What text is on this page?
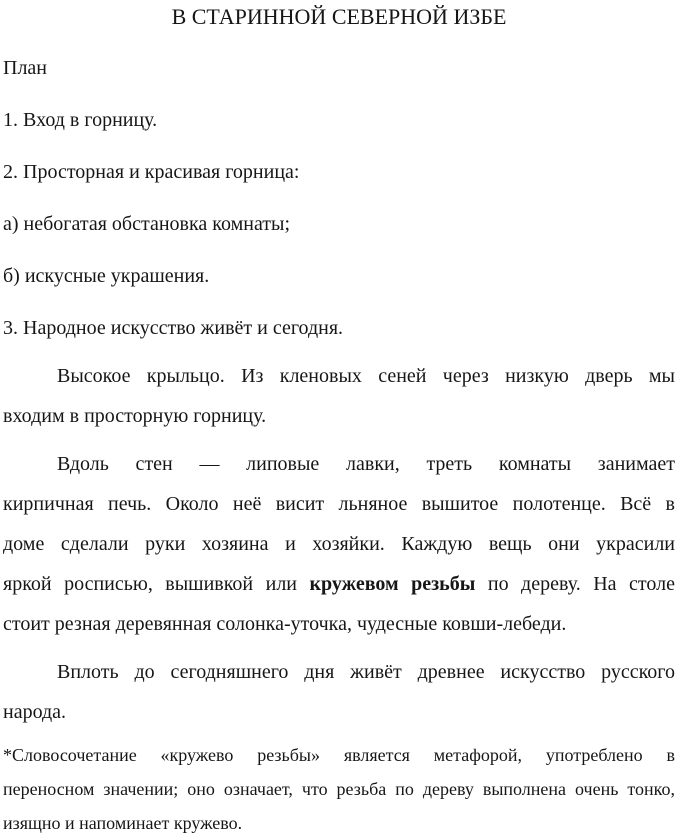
В СТАРИННОЙ СЕВЕРНОЙ ИЗБЕ
План
1. Вход в горницу.
2. Просторная и красивая горница:
а) небогатая обстановка комнаты;
б) искусные украшения.
3. Народное искусство живёт и сегодня.
Высокое крыльцо. Из кленовых сеней через низкую дверь мы
входим в просторную горницу.
Вдоль стен — липовые лавки, треть комнаты занимает
кирпичная печь. Около неё висит льняное вышитое полотенце. Всё в
доме сделали руки хозяина и хозяйки. Каждую вещь они украсили
яркой росписью, вышивкой или кружевом резьбы по дереву. На столе
стоит резная деревянная солонка-уточка, чудесные ковши-лебеди.
Вплоть до сегодняшнего дня живёт древнее искусство русского
народа.
*Словосочетание «кружево резьбы» является метафорой, употреблено в
переносном значении; оно означает, что резьба по дереву выполнена очень тонко,
изящно и напоминает кружево.
